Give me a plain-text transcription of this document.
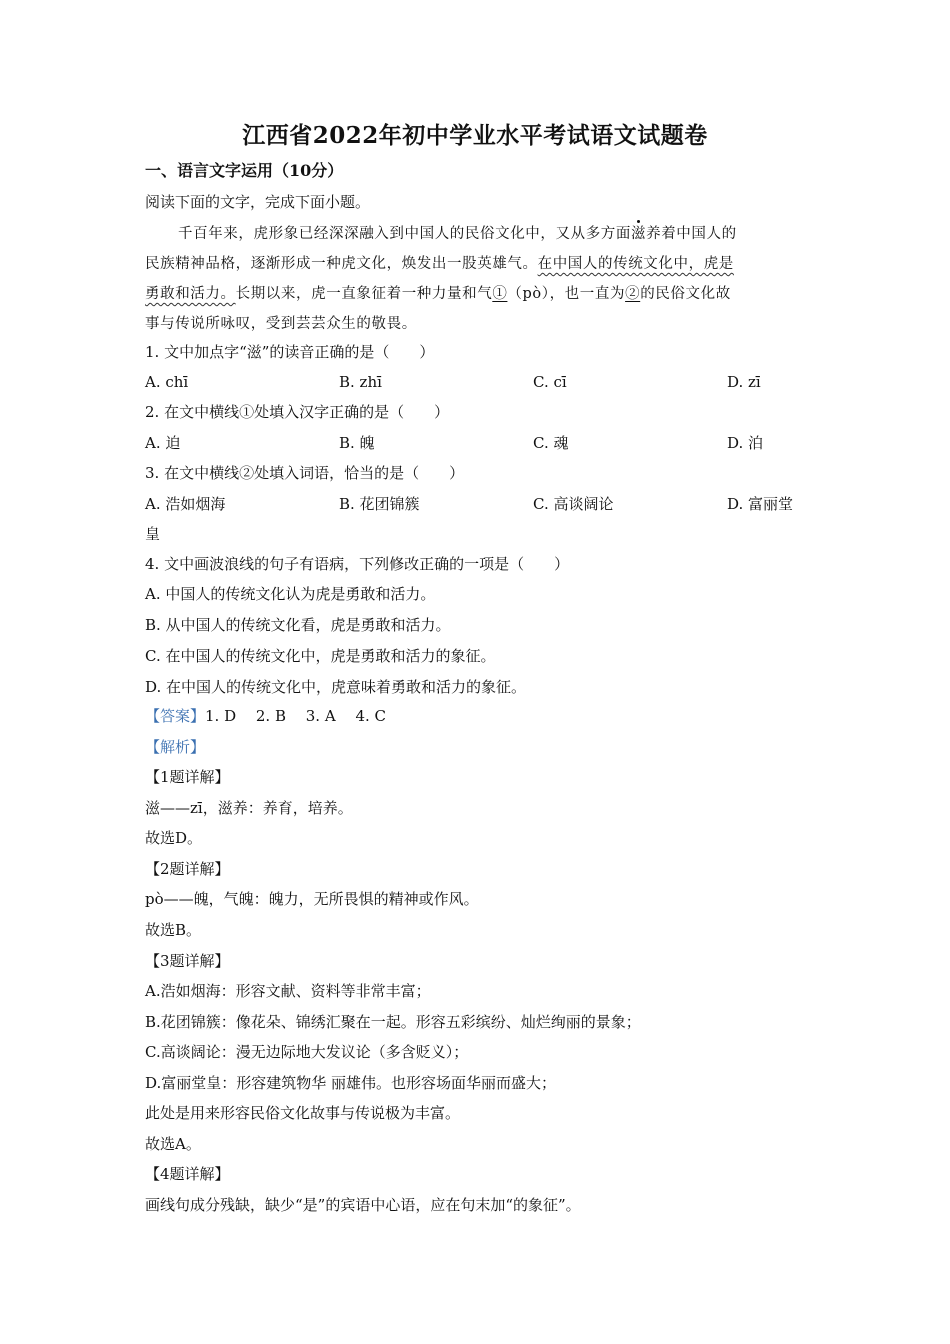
江西省2022年初中学业水平考试语文试题卷
一、语言文字运用（10分）
阅读下面的文字，完成下面小题。
千百年来，虎形象已经深深融入到中国人的民俗文化中，又从多方面滋养着中国人的
民族精神品格，逐渐形成一种虎文化，焕发出一股英雄气。在中国人的传统文化中，虎是
勇敢和活力。长期以来，虎一直象征着一种力量和气①（pò），也一直为②的民俗文化故
事与传说所咏叹，受到芸芸众生的敬畏。
1. 文中加点字“滋”的读音正确的是（　　）
A. chī	B. zhī	C. cī	D. zī
2. 在文中横线①处填入汉字正确的是（　　）
A. 迫	B. 魄	C. 魂	D. 泊
3. 在文中横线②处填入词语，恰当的是（　　）
A. 浩如烟海	B. 花团锦簇	C. 高谈阔论	D. 富丽堂
皇
4. 文中画波浪线的句子有语病，下列修改正确的一项是（　　）
A. 中国人的传统文化认为虎是勇敢和活力。
B. 从中国人的传统文化看，虎是勇敢和活力。
C. 在中国人的传统文化中，虎是勇敢和活力的象征。
D. 在中国人的传统文化中，虎意味着勇敢和活力的象征。
【答案】1. D　 2. B　 3. A　 4. C
【解析】
【1题详解】
滋——zī，滋养：养育，培养。
故选D。
【2题详解】
pò——魄，气魄：魄力，无所畏惧的精神或作风。
故选B。
【3题详解】
A.浩如烟海：形容文献、资料等非常丰富；
B.花团锦簇：像花朵、锦绣汇聚在一起。形容五彩缤纷、灿烂绚丽的景象；
C.高谈阔论：漫无边际地大发议论（多含贬义）；
D.富丽堂皇：形容建筑物华 丽雄伟。也形容场面华丽而盛大；
此处是用来形容民俗文化故事与传说极为丰富。
故选A。
【4题详解】
画线句成分残缺，缺少“是”的宾语中心语，应在句末加“的象征”。
